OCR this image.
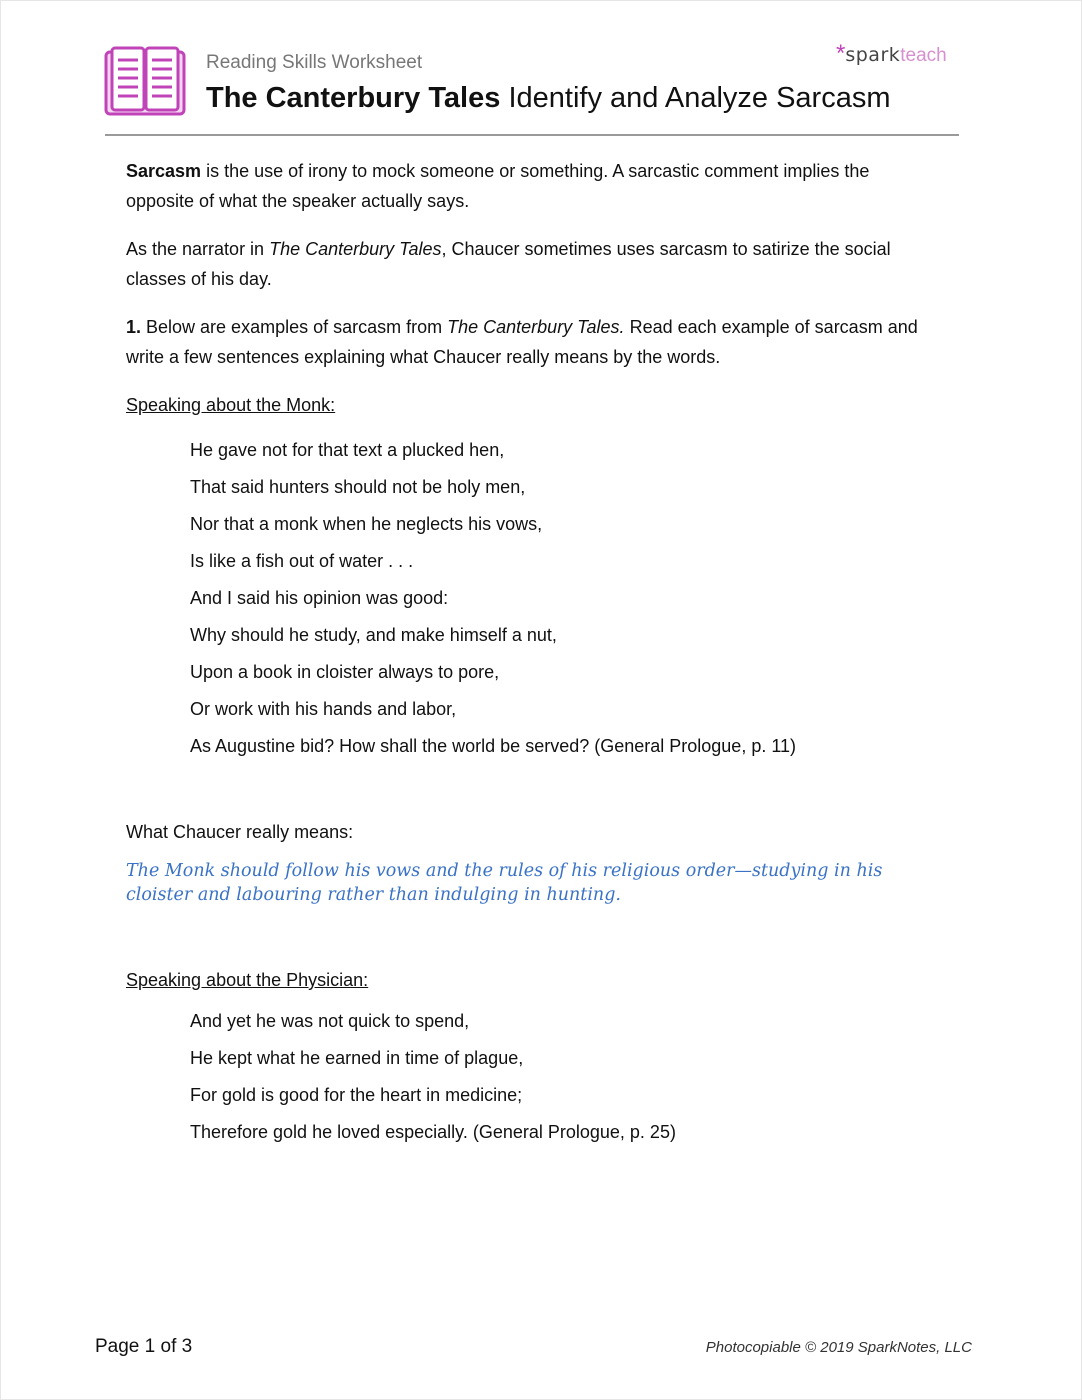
Reading Skills Worksheet
The Canterbury Tales Identify and Analyze Sarcasm
*sparkteach

Sarcasm is the use of irony to mock someone or something. A sarcastic comment implies the opposite of what the speaker actually says.

As the narrator in The Canterbury Tales, Chaucer sometimes uses sarcasm to satirize the social classes of his day.

1. Below are examples of sarcasm from The Canterbury Tales. Read each example of sarcasm and write a few sentences explaining what Chaucer really means by the words.

Speaking about the Monk:

He gave not for that text a plucked hen,
That said hunters should not be holy men,
Nor that a monk when he neglects his vows,
Is like a fish out of water . . .
And I said his opinion was good:
Why should he study, and make himself a nut,
Upon a book in cloister always to pore,
Or work with his hands and labor,
As Augustine bid? How shall the world be served? (General Prologue, p. 11)

What Chaucer really means:

The Monk should follow his vows and the rules of his religious order—studying in his cloister and labouring rather than indulging in hunting.

Speaking about the Physician:

And yet he was not quick to spend,
He kept what he earned in time of plague,
For gold is good for the heart in medicine;
Therefore gold he loved especially. (General Prologue, p. 25)
Page 1 of 3	Photocopiable © 2019 SparkNotes, LLC
